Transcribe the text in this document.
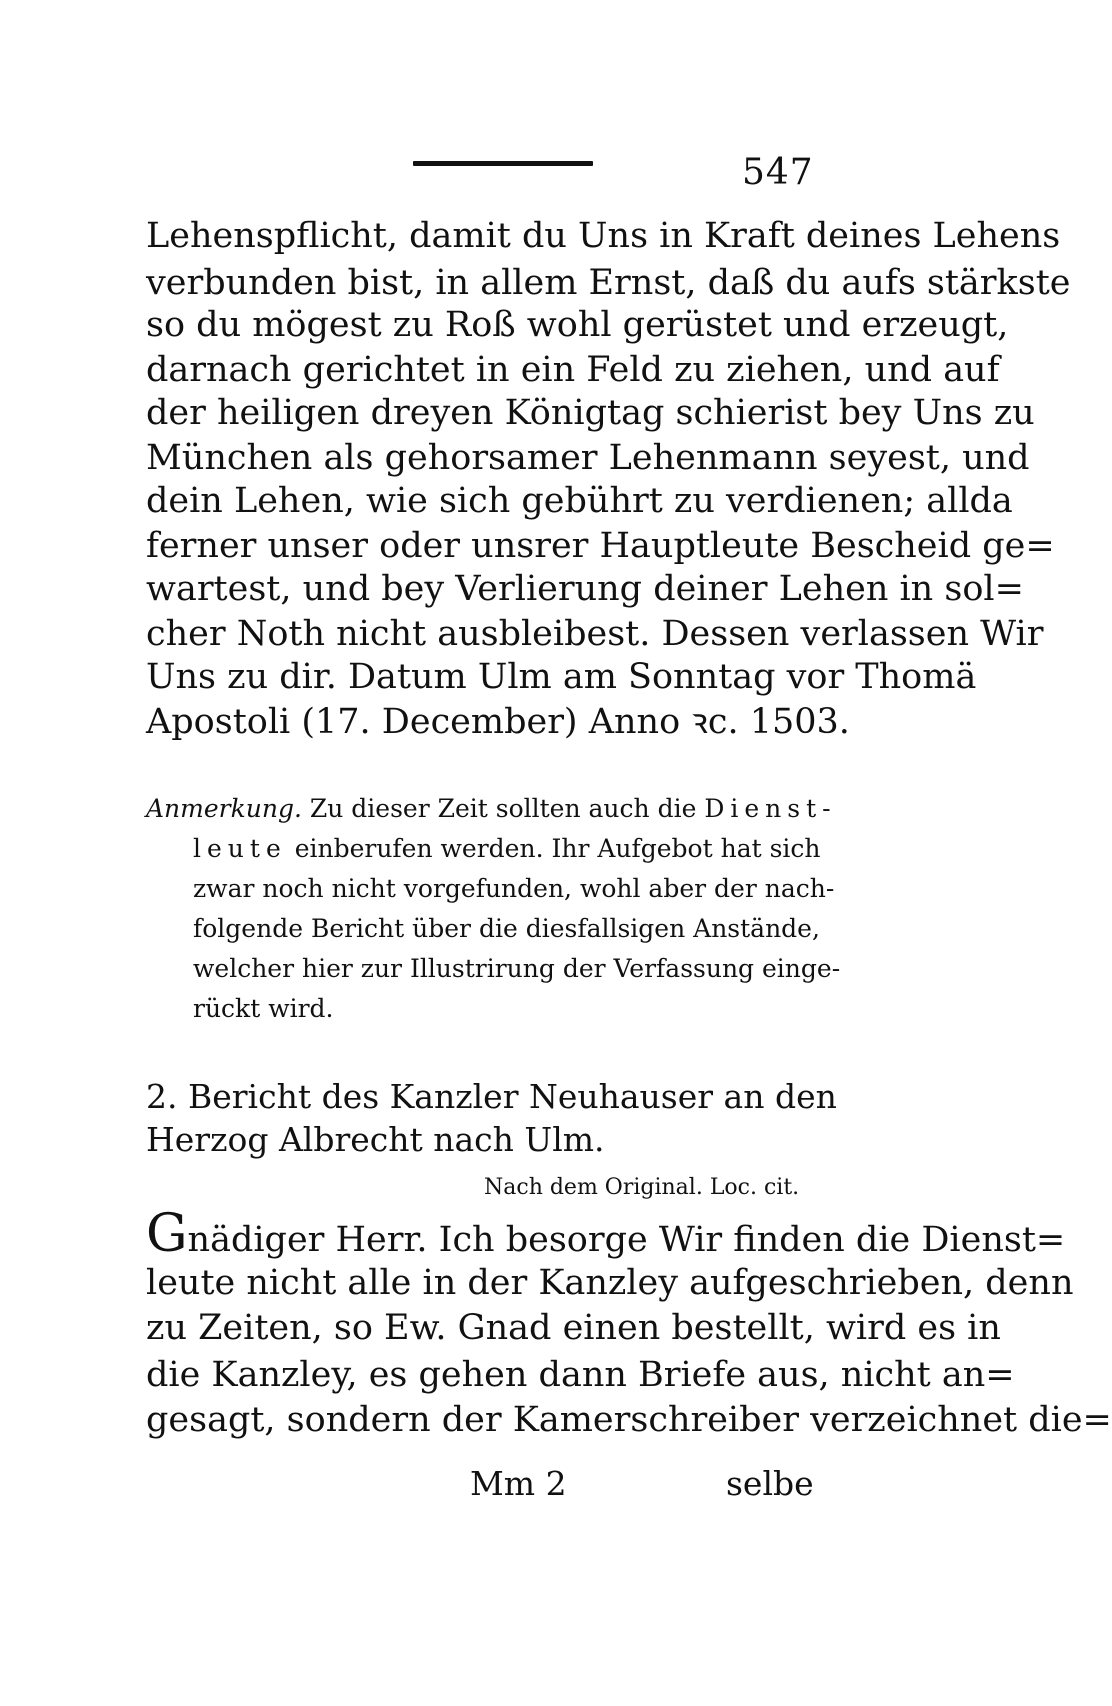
547
Lehenspflicht, damit du Uns in Kraft deines Lehens
verbunden bist, in allem Ernst, daß du aufs stärkste
so du mögest zu Roß wohl gerüstet und erzeugt,
darnach gerichtet in ein Feld zu ziehen, und auf
der heiligen dreyen Königtag schierist bey Uns zu
München als gehorsamer Lehenmann seyest, und
dein Lehen, wie sich gebührt zu verdienen; allda
ferner unser oder unsrer Hauptleute Bescheid ge=
wartest, und bey Verlierung deiner Lehen in sol=
cher Noth nicht ausbleibest. Dessen verlassen Wir
Uns zu dir. Datum Ulm am Sonntag vor Thomä
Apostoli (17. December) Anno ꝛc. 1503.
Anmerkung. Zu dieser Zeit sollten auch die Dienst-
leute einberufen werden. Ihr Aufgebot hat sich
zwar noch nicht vorgefunden, wohl aber der nach-
folgende Bericht über die diesfallsigen Anstände,
welcher hier zur Illustrirung der Verfassung einge-
rückt wird.
2. Bericht des Kanzler Neuhauser an den
Herzog Albrecht nach Ulm.
Nach dem Original. Loc. cit.
Gnädiger Herr. Ich besorge Wir finden die Dienst=
leute nicht alle in der Kanzley aufgeschrieben, denn
zu Zeiten, so Ew. Gnad einen bestellt, wird es in
die Kanzley, es gehen dann Briefe aus, nicht an=
gesagt, sondern der Kamerschreiber verzeichnet die=
Mm 2	selbe
